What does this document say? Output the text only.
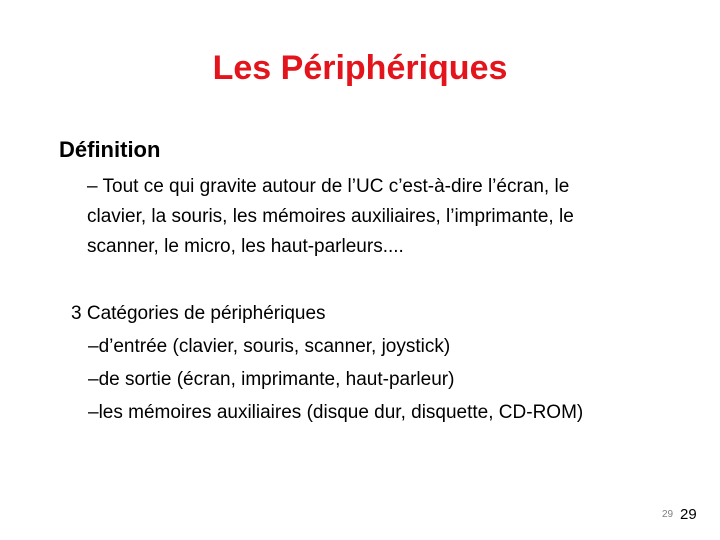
Les Périphériques
Définition
– Tout ce qui gravite autour de l’UC c’est-à-dire l’écran, le
clavier, la souris, les mémoires auxiliaires, l’imprimante, le
scanner, le micro, les haut-parleurs....
3 Catégories de périphériques
–d’entrée (clavier, souris, scanner, joystick)
–de sortie (écran, imprimante, haut-parleur)
–les mémoires auxiliaires (disque dur, disquette, CD-ROM)
29 29
